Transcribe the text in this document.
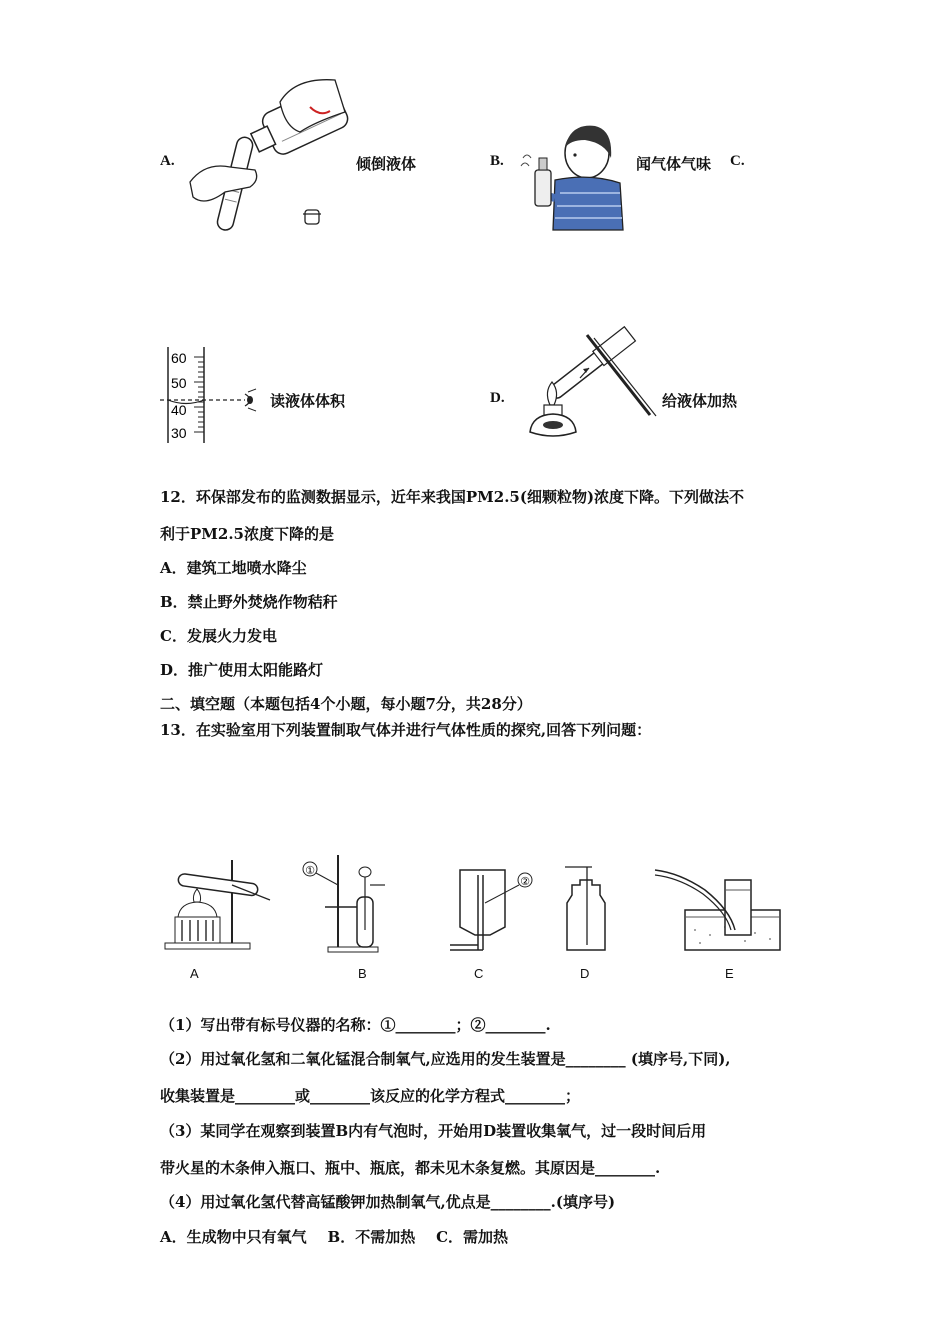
A.	倾倒液体	B.	闻气体气味 C.
60
50
40
30
读液体体积	D.	给液体加热
12．环保部发布的监测数据显示，近年来我国PM2.5(细颗粒物)浓度下降。下列做法不
利于PM2.5浓度下降的是
A．建筑工地喷水降尘
B．禁止野外焚烧作物秸秆
C．发展火力发电
D．推广使用太阳能路灯
二、填空题（本题包括4个小题，每小题7分，共28分）
13．在实验室用下列装置制取气体并进行气体性质的探究,回答下列问题：
①
②
A	B	C	D	E
（1）写出带有标号仪器的名称：①________；②________.
（2）用过氧化氢和二氧化锰混合制氧气,应选用的发生装置是________ (填序号,下同),
收集装置是________或________该反应的化学方程式________；
（3）某同学在观察到装置B内有气泡时，开始用D装置收集氧气，过一段时间后用
带火星的木条伸入瓶口、瓶中、瓶底，都未见木条复燃。其原因是________.
（4）用过氧化氢代替高锰酸钾加热制氧气,优点是________.(填序号)
A．生成物中只有氧气    B．不需加热    C．需加热
